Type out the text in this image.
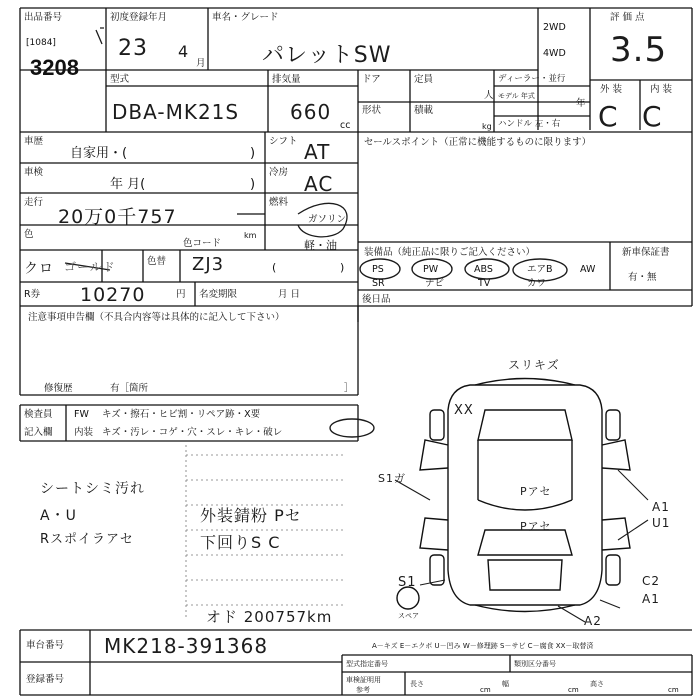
出品番号
[1084]
3208
初度登録年月
23 4
月
車名・グレード
パレットSW
2WD
4WD
評 価 点
3.5
型式
DBA-MK21S
排気量
660
cc
ドア	定員
人
形状	積載
kg
ディーラー・並行
モデル 年式
年
ハンドル 左・右
外 装	内 装
C C
車歴
自家用・(	)
シフト AT
車検
年 月(	)
冷房 AC
走行
20万0千757
km
燃料
ガソリン
軽・油
(	)
色
クロ ゴールド	色替
色コード
ZJ3
R券 10270	円 名変期限	月 日
セールスポイント（正常に機能するものに限ります）
装備品（純正品に限りご記入ください）
PS	PW	ABS	エアB	AW
SR	ナビ	TV	カワ
後日品
新車保証書
有・無
注意事項申告欄（不具合内容等は具体的に記入して下さい）
修復歴	有［箇所	］
検査員
記入欄
FW キズ・擦石・ヒビ割・リペア跡・X要
内装 キズ・汚レ・コゲ・穴・スレ・キレ・破レ
シートシミ汚れ
A・U
Rスポイラアセ
外装錆粉 Pセ
下回りS C
オド 200757km
スリキズ
XX
S1ガ
Pアセ
Pアセ
A1
U1
S1
スペア
C2
A1
A2
A－キズ E－エクボ U－凹み W－修理跡 S－サビ C－腐食 XX－取替済
車台番号 MK218-391368
登録番号
型式指定番号	類別区分番号
車検証明用
参考
長さ
cm
幅
cm
高さ
cm
